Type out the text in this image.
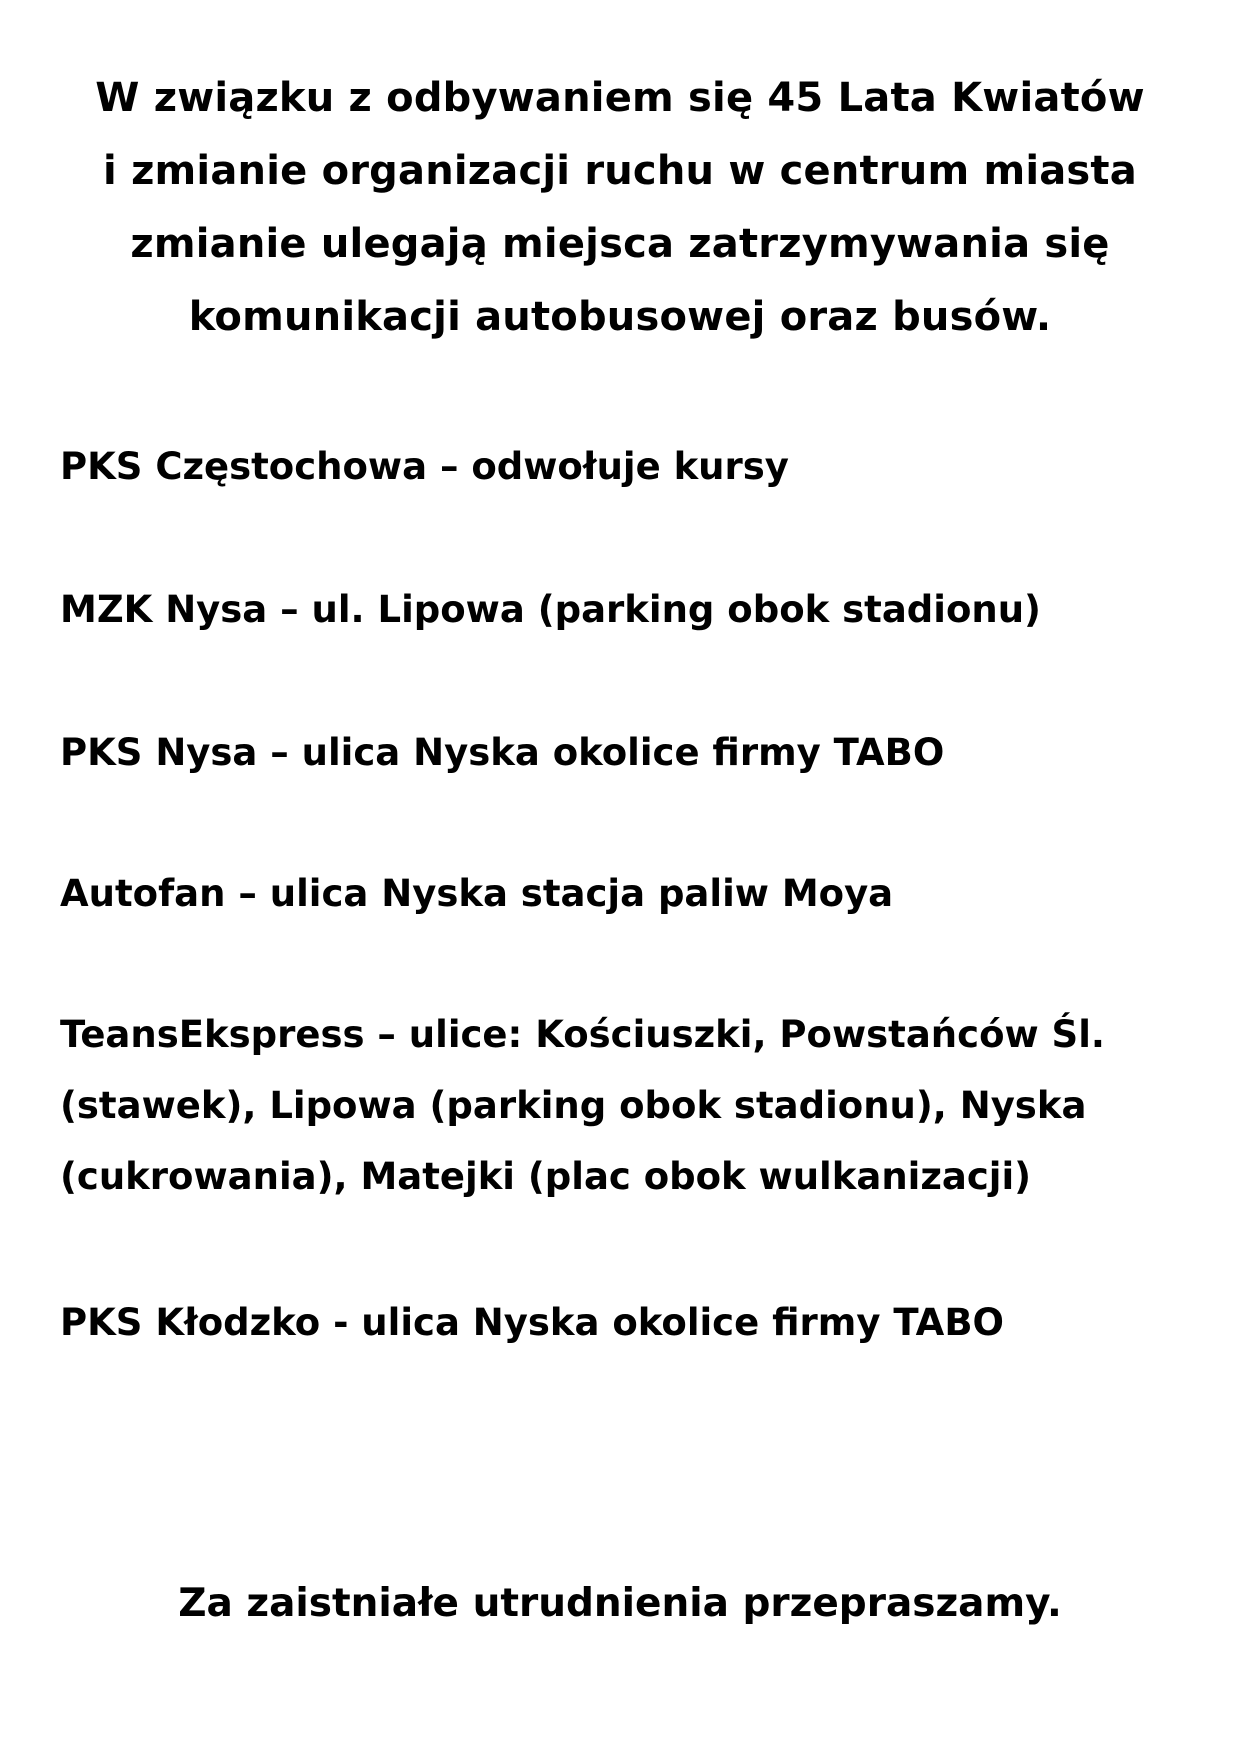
W związku z odbywaniem się 45 Lata Kwiatów
i zmianie organizacji ruchu w centrum miasta
zmianie ulegają miejsca zatrzymywania się
komunikacji autobusowej oraz busów.
PKS Częstochowa – odwołuje kursy
MZK Nysa – ul. Lipowa (parking obok stadionu)
PKS Nysa – ulica Nyska okolice firmy TABO
Autofan – ulica Nyska stacja paliw Moya
TeansEkspress – ulice: Kościuszki, Powstańców Śl.
(stawek), Lipowa (parking obok stadionu), Nyska
(cukrowania), Matejki (plac obok wulkanizacji)
PKS Kłodzko - ulica Nyska okolice firmy TABO
Za zaistniałe utrudnienia przepraszamy.
